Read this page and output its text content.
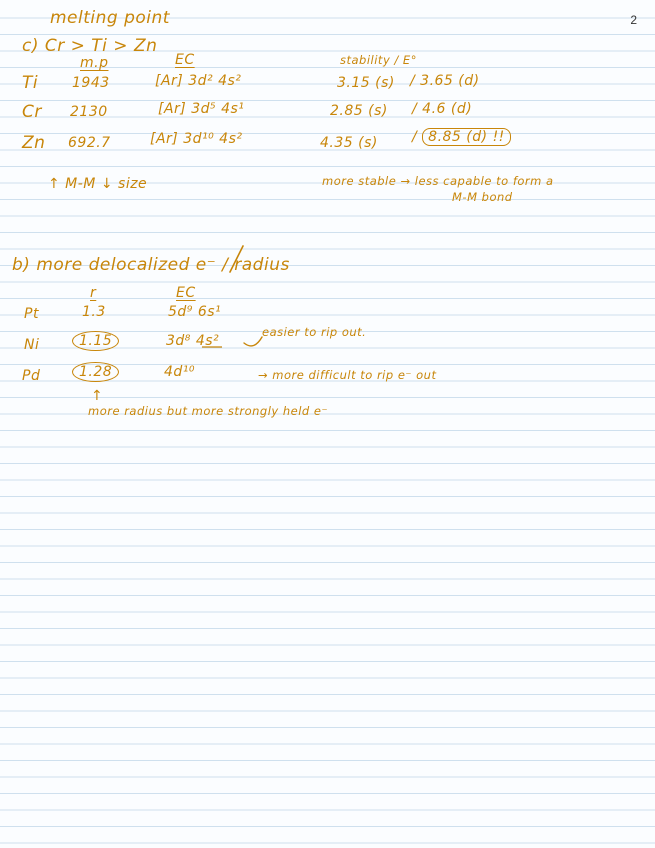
2
melting point
c) Cr > Ti > Zn
m.p	EC	stability / E°
Ti 1943	[Ar] 3d² 4s²	3.15 (s) / 3.65 (d)
Cr 2130	[Ar] 3d⁵ 4s¹	2.85 (s) / 4.6 (d)
Zn 692.7	[Ar] 3d¹⁰ 4s²	4.35 (s) / 8.85 (d) !!
↑ M-M ↓ size	more stable → less capable to form a
M-M bond
b) more delocalized e⁻ / radius
r	EC
Pt	1.3	5d⁹ 6s¹
Ni	1.15	3d⁸ 4s²
easier to rip out.
Pd	1.28	4d¹⁰	→ more difficult to rip e⁻ out
↑
more radius but more strongly held e⁻
